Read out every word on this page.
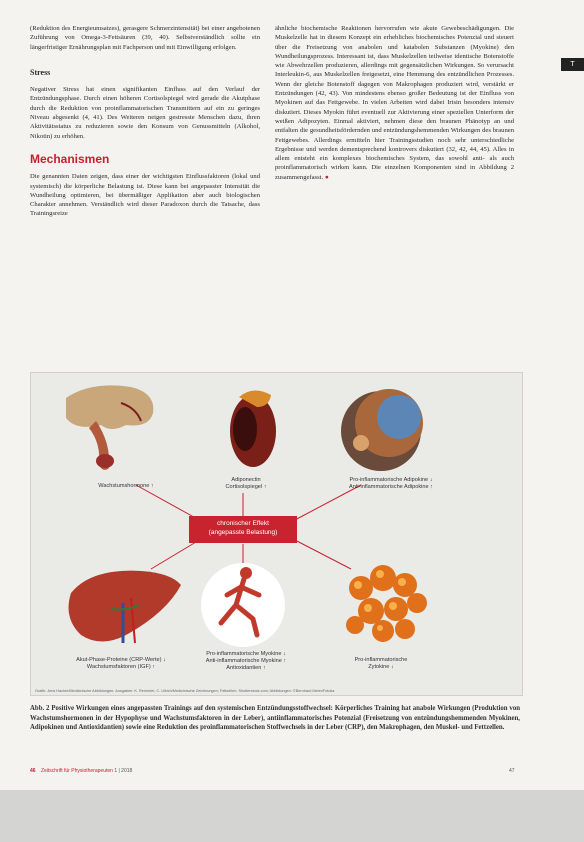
T

(Reduktion des Energieumsatzes), gerasgere Schmerzintensität) bei einer angebotenen Zuführung von Omega-3-Fettsäuren (39, 40). Selbstverständlich sollte ein längerfristiger Ernährungsplan mit Fachperson und mit Einwilligung erfolgen.

Stress

Negativer Stress hat einen signifikanten Einfluss auf den Verlauf der Entzündungsphase. Durch einen höheren Cortisolspiegel wird gerade die Akutphase durch die Reduktion von proinflammatorischen Transmittern auf ein zu geringes Niveau abgesenkt (4, 41). Des Weiteren neigen gestresste Menschen dazu, ihren Aktivitätsstatus zu reduzieren sowie den Konsum von Genussmitteln (Alkohol, Nikotin) zu erhöhen.

Mechanismen

Die genannten Daten zeigen, dass einer der wichtigsten Einflussfaktoren (lokal und systemisch) die körperliche Belastung ist. Diese kann bei angepasster Intensität die Wundheilung optimieren, bei übermäßiger Applikation aber auch biologischen Charakter annehmen. Verständlich wird dieser Paradoxon durch die Tatsache, dass Trainingsreize

ähnliche biochemische Reaktionen hervorrufen wie akute Gewebeschädigungen. Die Muskelzelle hat in diesem Konzept ein erhebliches biochemisches Potenzial und steuert über die Freisetzung von anabolen und katabolen Substanzen (Myokine) den Wundheilungsprozess. Interessant ist, dass Muskelzellen teilweise identische Botenstoffe wie Abwehrzellen produzieren, allerdings mit gegensätzlichen Wirkungen. So verursacht Interleukin-6, aus Muskelzellen freigesetzt, eine Hemmung des entzündlichen Prozesses. Wenn der gleiche Botenstoff dagegen von Makrophagen produziert wird, verstärkt er Entzündungen (42, 43). Von mindestens ebenso großer Bedeutung ist der Einfluss von Myokinen auf das Fettgewebe. In vielen Arbeiten wird dabei Irisin besonders intensiv diskutiert. Dieses Myokin führt eventuell zur Aktivierung einer speziellen Unterform der weißen Adipozyten. Einmal aktiviert, nehmen diese den braunen Phänotyp an und entfalten die gesundheitsfördernden und entzündungshemmenden Wirkungen des braunen Fettgewebes. Allerdings ermitteln hier Trainingsstudien noch sehr unterschiedliche Ergebnisse und werden dementsprechend kontrovers diskutiert (32, 42, 44, 45). Alles in allem entsteht ein komplexes biochemisches System, das sowohl anti- als auch proinflammatorisch wirken kann. Die einzelnen Komponenten sind in Abbildung 2 zusammengefasst. ●

Wachstumshormone ↑
Adiponectin
Cortisolspiegel ↑
Pro-inflammatorische Adipokine ↓
Anti-inflammatorische Adipokine ↑
chronischer Effekt
(angepasste Belastung)
Akut-Phase-Proteine (CRP-Werte) ↓
Wachstumsfaktoren (IGF) ↑
Pro-inflammatorische Myokine ↓
Anti-inflammatorische Myokine ↑
Antioxidantien ↑
Pro-inflammatorische
Zytokine ↓
Grafik: Jens Hacker/Medizinische Abbildungen; Ausgaben: K. Remmler, C. Ullrich/Medizinische Zeichnungen; Fettzellen: Shutterstock.com; Abbildungen: ©Bernhard Meier/Fotolia
Abb. 2 Positive Wirkungen eines angepassten Trainings auf den systemischen Entzündungsstoffwechsel: Körperliches Training hat anabole Wirkungen (Produktion von Wachstumshormonen in der Hypophyse und Wachstumsfaktoren in der Leber), antiinflammatorisches Potenzial (Freisetzung von entzündungshemmenden Myokinen, Adipokinen und Antioxidantien) sowie eine Reduktion des proinflammatorischen Stoffwechsels in der Leber (CRP), den Makrophagen, den Muskel- und Fettzellen.
46 Zeitschrift für Physiotherapeuten 1 | 2018	47
